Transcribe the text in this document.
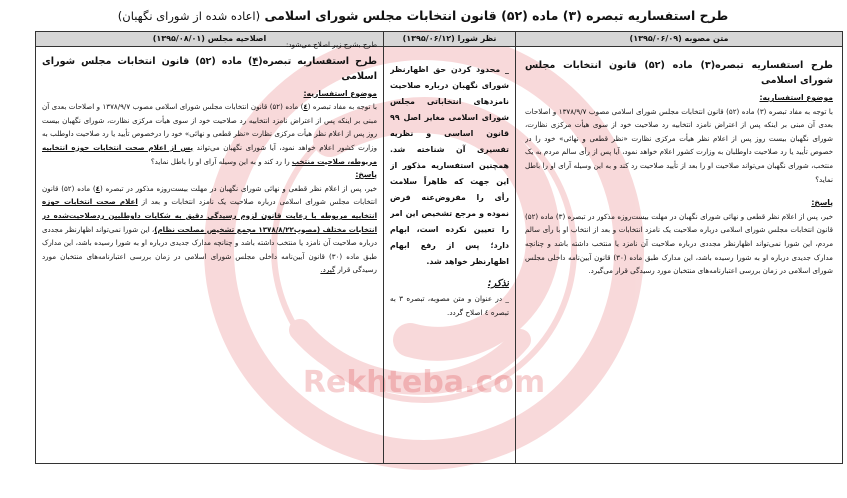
Rekhteba.com
طرح استفساریه تبصره (۳) ماده (۵۲) قانون انتخابات مجلس شورای اسلامی (اعاده شده از شورای نگهبان)
متن مصوبه (۱۳۹۵/۰۶/۰۹)
طرح استفساریه تبصره(۳) ماده (۵۲) قانون انتخابات مجلس شورای اسلامی
موضوع استفساریه:

با توجه به مفاد تبصره (۳) ماده (۵۲) قانون انتخابات مجلس شورای اسلامی مصوب ۱۳۷۸/۹/۷ و اصلاحات بعدی آن مبنی بر اینکه پس از اعتراض نامزد انتخابیه رد صلاحیت خود از سوی هیأت مرکزی نظارت، شورای نگهبان بیست روز پس از اعلام نظر هیأت مرکزی نظارت «نظر قطعی و نهائی» خود را در خصوص تأیید یا رد صلاحیت داوطلبان به وزارت کشور اعلام خواهد نمود، آیا پس از رأی سالم مردم به یک منتخب، شورای نگهبان می‌تواند صلاحیت او را بعد از تأیید صلاحیت رد کند و به این وسیله آرای او را باطل نماید؟

پاسخ:

خیر، پس از اعلام نظر قطعی و نهائی شورای نگهبان در مهلت بیست‌روزه مذکور در تبصره (۳) ماده (۵۲) قانون انتخابات مجلس شورای اسلامی درباره صلاحیت یک نامزد انتخابات و بعد از انتخاب او با رأی سالم مردم، این شورا نمی‌تواند اظهارنظر مجددی درباره صلاحیت آن نامزد یا منتخب داشته باشد و چنانچه مدارک جدیدی درباره او به شورا رسیده باشد، این مدارک طبق ماده (۳۰) قانون آیین‌نامه داخلی مجلس شورای اسلامی در زمان بررسی اعتبارنامه‌های منتخبان مورد رسیدگی قرار می‌گیرد.

نظر شورا (۱۳۹۵/۰۶/۱۲)

_ محدود کردن حق اظهارنظر شورای نگهبان درباره صلاحیت نامزدهای انتخاباتی مجلس شورای اسلامی مغایر اصل ۹۹ قانون اساسی و نظریه تفسیری آن شناخته شد. همچنین استفساریه مذکور از این جهت که ظاهراً سلامت رأی را مفروض‌عنه فرض نموده و مرجع تشخیص این امر را تعیین نکرده است، ابهام دارد؛ پس از رفع ابهام اظهارنظر خواهد شد.

تذکر:

_ در عنوان و متن مصوبه، تبصره ۳ به تبصره ٤ اصلاح گردد.

اصلاحیه مجلس (۱۳۹۵/۰۸/۰۱)
طرح بشرح زیر اصلاح می‌شود:
طرح استفساریه تبصره(۴) ماده (۵۲) قانون انتخابات مجلس شورای اسلامی
موضوع استفساریه:

با توجه به مفاد تبصره (٤) ماده (۵۲) قانون انتخابات مجلس شورای اسلامی مصوب ۱۳۷۸/۹/۷ و اصلاحات بعدی آن مبنی بر اینکه پس از اعتراض نامزد انتخابیه رد صلاحیت خود از سوی هیأت مرکزی نظارت، شورای نگهبان بیست روز پس از اعلام نظر هیأت مرکزی نظارت «نظر قطعی و نهائی» خود را درخصوص تأیید یا رد صلاحیت داوطلب به وزارت کشور اعلام خواهد نمود، آیا شورای نگهبان می‌تواند پس از اعلام صحت انتخابات حوزه انتخابیه مربوطه، صلاحیت منتخب را رد کند و به این وسیله آرای او را باطل نماید؟

پاسخ:

خیر، پس از اعلام نظر قطعی و نهائی شورای نگهبان در مهلت بیست‌روزه مذکور در تبصره (٤) ماده (۵۲) قانون انتخابات مجلس شورای اسلامی درباره صلاحیت یک نامزد انتخابات و بعد از اعلام صحت انتخابات حوزه انتخابیه مربوطه با رعایت قانون لزوم رسیدگی دقیق به شکایات داوطلبین ردصلاحیت‌شده در انتخابات مختلف (مصوب۱۳۷۸/۸/۲۲ مجمع تشخیص مصلحت نظام)، این شورا نمی‌تواند اظهارنظر مجددی درباره صلاحیت آن نامزد یا منتخب داشته باشد و چنانچه مدارک جدیدی درباره او به شورا رسیده باشد، این مدارک طبق ماده (۳۰) قانون آیین‌نامه داخلی مجلس شورای اسلامی در زمان بررسی اعتبارنامه‌های منتخبان مورد رسیدگی قرار گیرد.
